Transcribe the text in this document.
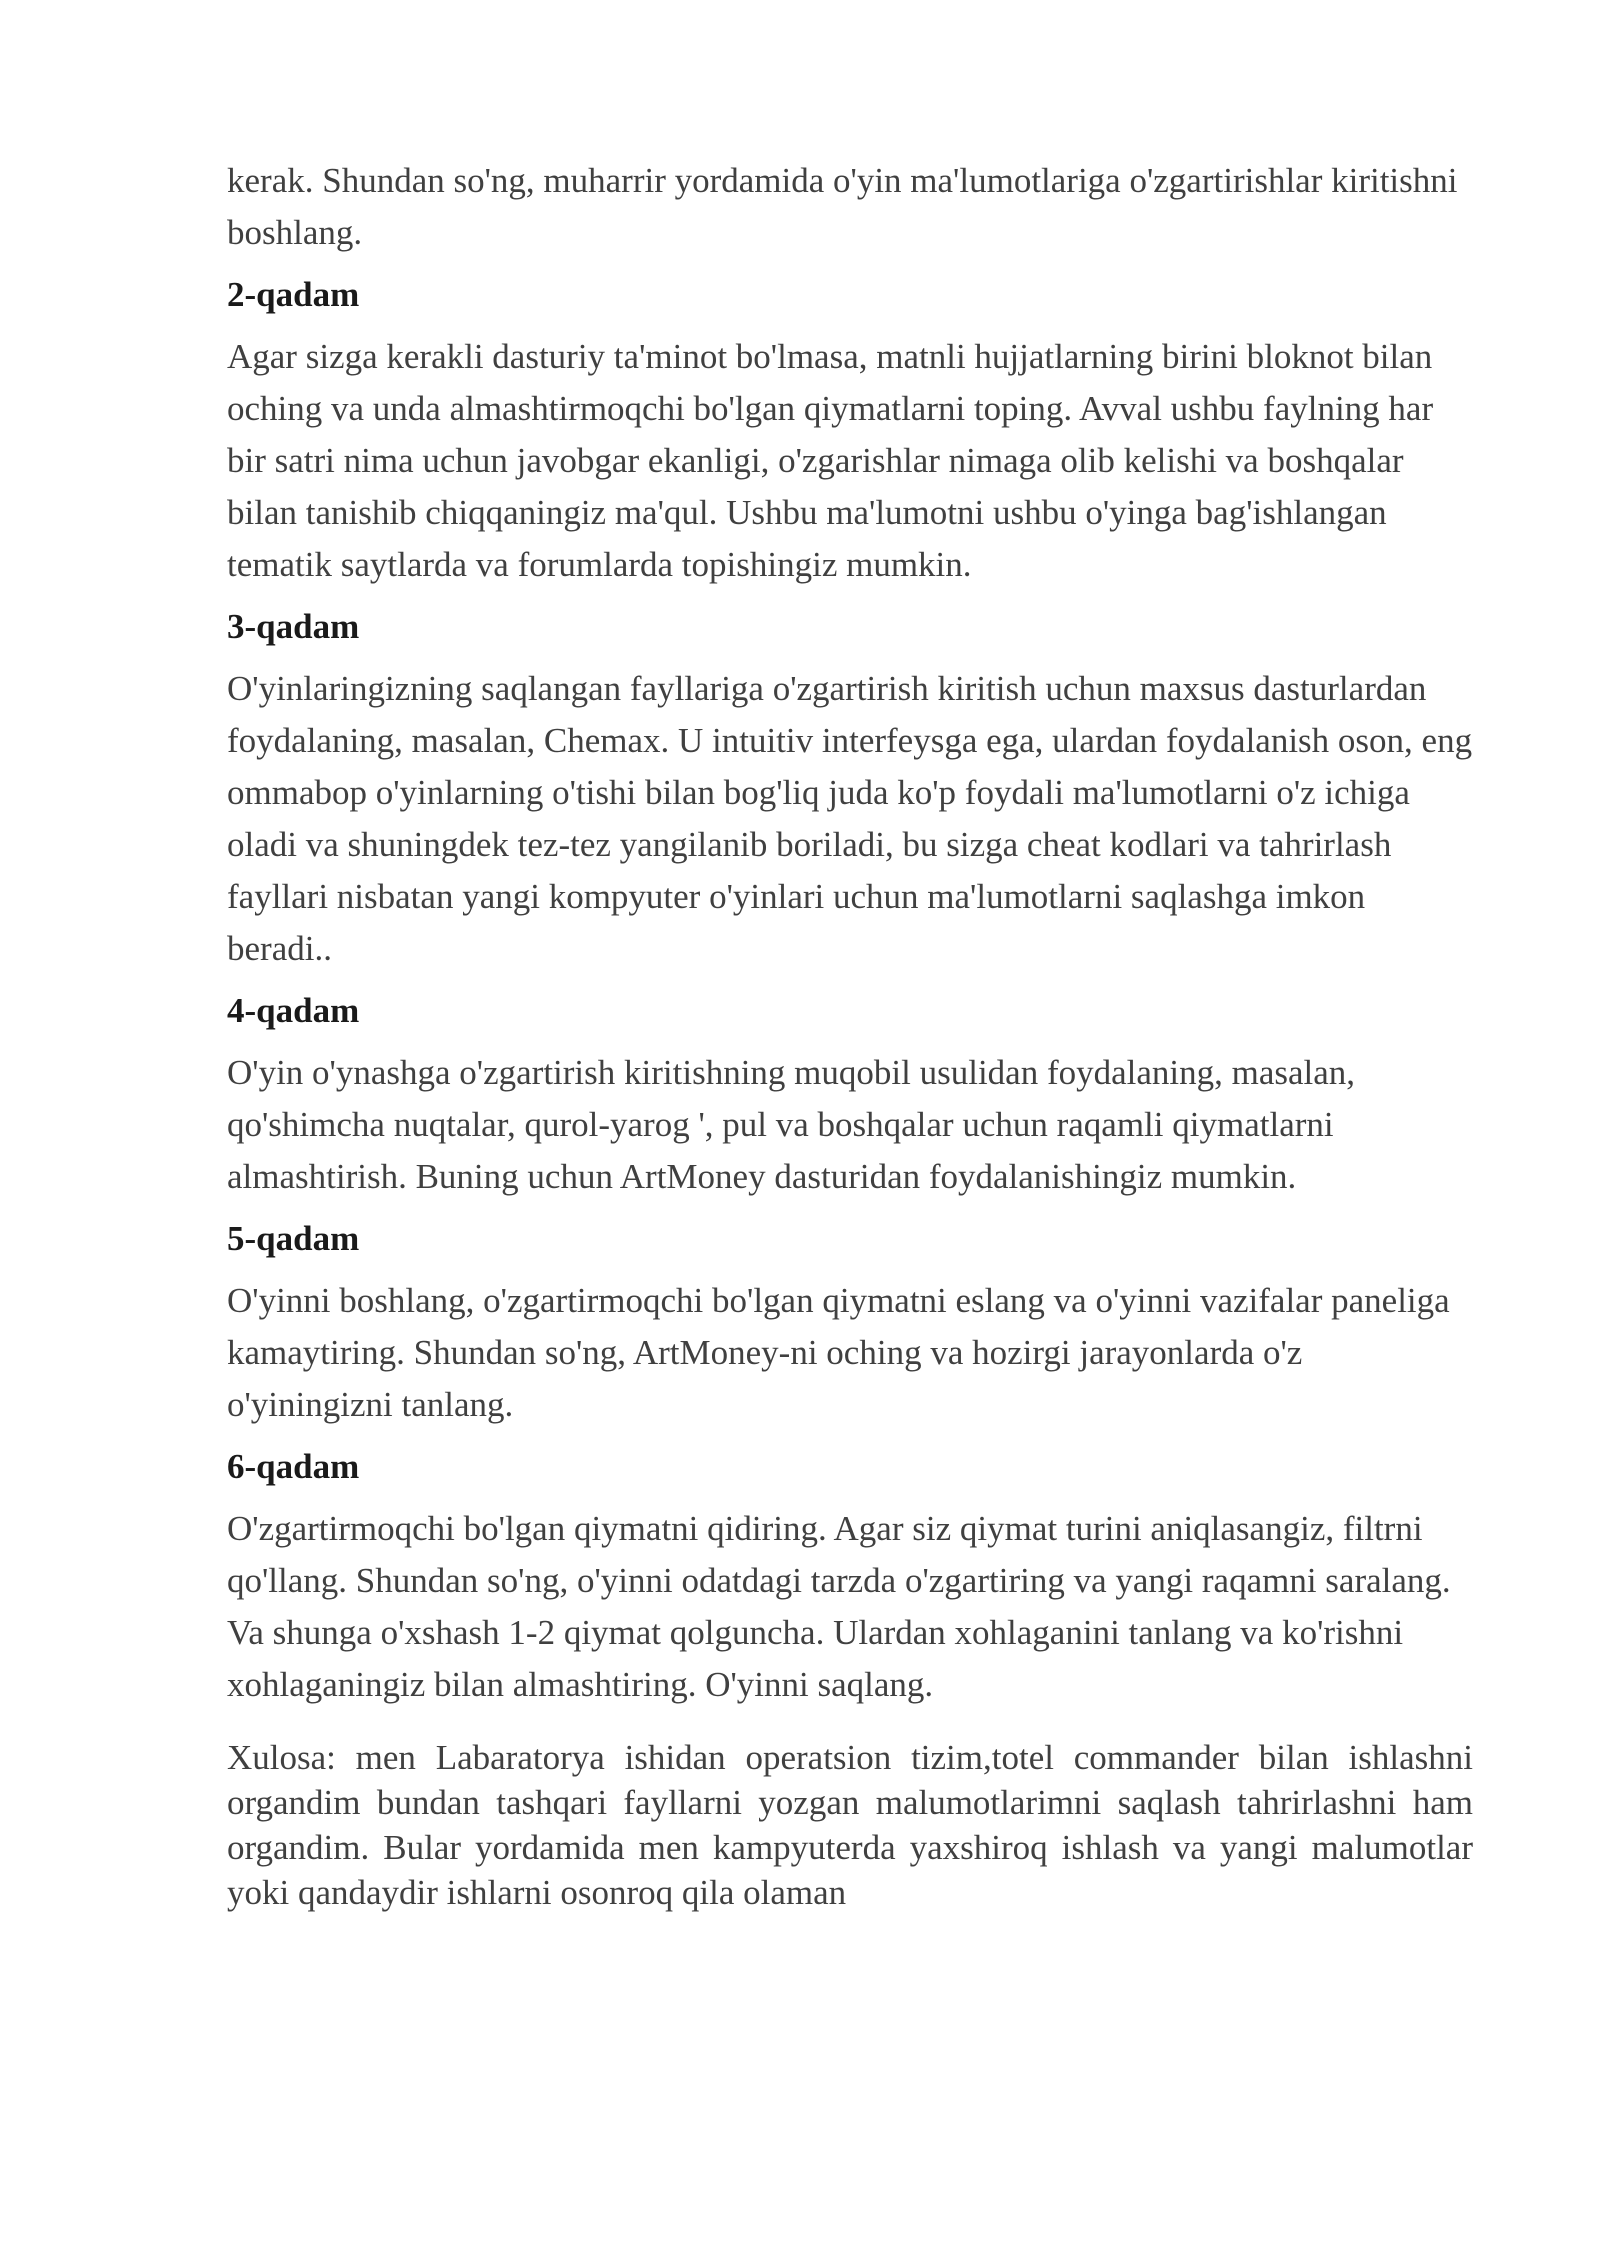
kerak. Shundan so'ng, muharrir yordamida o'yin ma'lumotlariga o'zgartirishlar kiritishni boshlang.

2-qadam

Agar sizga kerakli dasturiy ta'minot bo'lmasa, matnli hujjatlarning birini bloknot bilan oching va unda almashtirmoqchi bo'lgan qiymatlarni toping. Avval ushbu faylning har bir satri nima uchun javobgar ekanligi, o'zgarishlar nimaga olib kelishi va boshqalar bilan tanishib chiqqaningiz ma'qul. Ushbu ma'lumotni ushbu o'yinga bag'ishlangan tematik saytlarda va forumlarda topishingiz mumkin.

3-qadam

O'yinlaringizning saqlangan fayllariga o'zgartirish kiritish uchun maxsus dasturlardan foydalaning, masalan, Chemax. U intuitiv interfeysga ega, ulardan foydalanish oson, eng ommabop o'yinlarning o'tishi bilan bog'liq juda ko'p foydali ma'lumotlarni o'z ichiga oladi va shuningdek tez-tez yangilanib boriladi, bu sizga cheat kodlari va tahrirlash fayllari nisbatan yangi kompyuter o'yinlari uchun ma'lumotlarni saqlashga imkon beradi..

4-qadam

O'yin o'ynashga o'zgartirish kiritishning muqobil usulidan foydalaning, masalan, qo'shimcha nuqtalar, qurol-yarog ', pul va boshqalar uchun raqamli qiymatlarni almashtirish. Buning uchun ArtMoney dasturidan foydalanishingiz mumkin.

5-qadam

O'yinni boshlang, o'zgartirmoqchi bo'lgan qiymatni eslang va o'yinni vazifalar paneliga kamaytiring. Shundan so'ng, ArtMoney-ni oching va hozirgi jarayonlarda o'z o'yiningizni tanlang.

6-qadam

O'zgartirmoqchi bo'lgan qiymatni qidiring. Agar siz qiymat turini aniqlasangiz, filtrni qo'llang. Shundan so'ng, o'yinni odatdagi tarzda o'zgartiring va yangi raqamni saralang. Va shunga o'xshash 1-2 qiymat qolguncha. Ulardan xohlaganini tanlang va ko'rishni xohlaganingiz bilan almashtiring. O'yinni saqlang.

Xulosa: men Labaratorya ishidan operatsion tizim,totel commander bilan ishlashni organdim bundan tashqari fayllarni yozgan malumotlarimni saqlash tahrirlashni ham organdim. Bular yordamida men kampyuterda yaxshiroq ishlash va yangi malumotlar yoki qandaydir ishlarni osonroq qila olaman
